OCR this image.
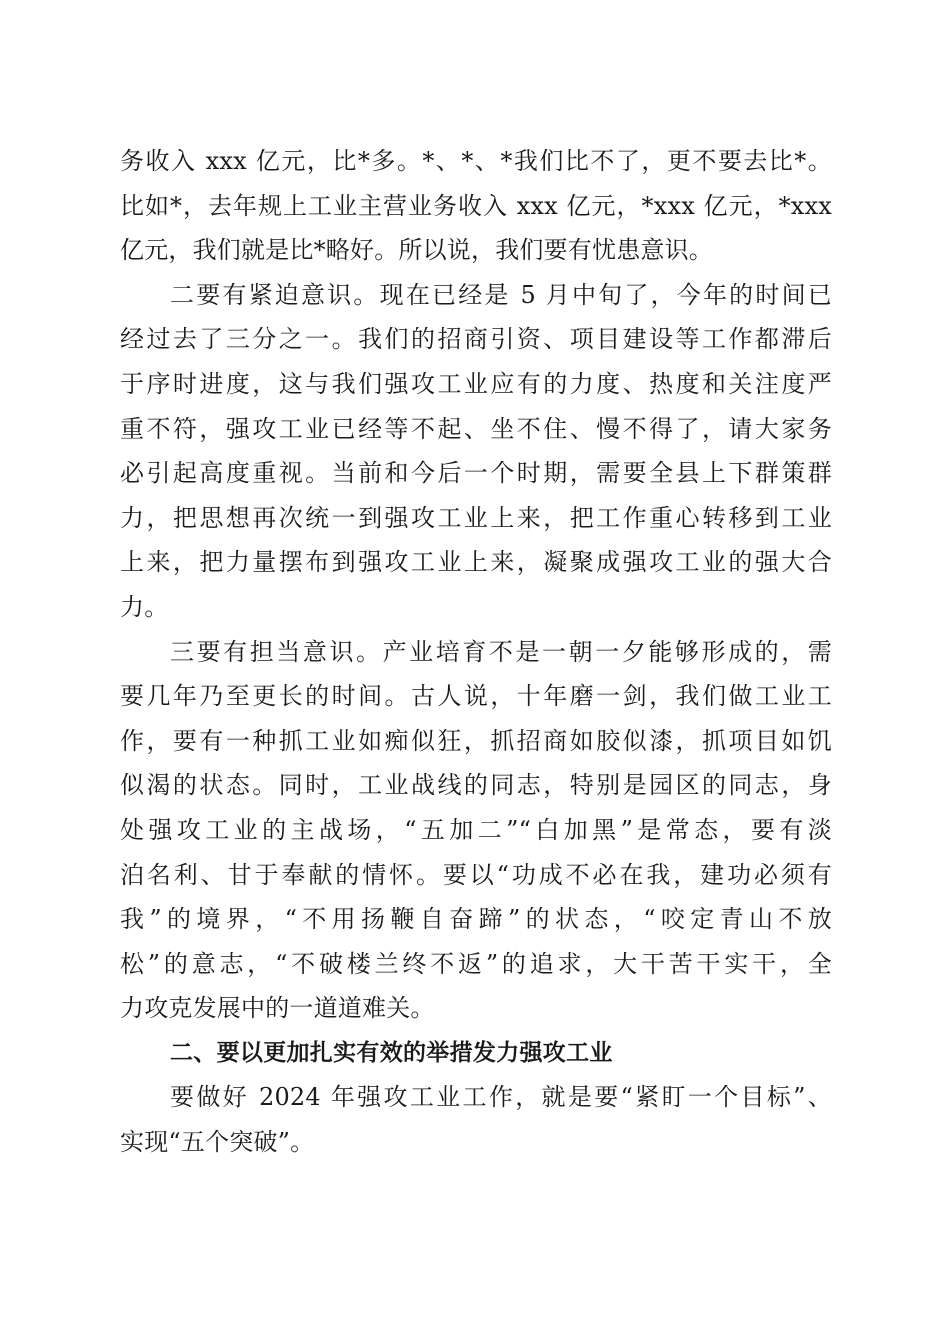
务收入 xxx 亿元，比*多。*、*、*我们比不了，更不要去比*。
比如*，去年规上工业主营业务收入 xxx 亿元，*xxx 亿元，*xxx
亿元，我们就是比*略好。所以说，我们要有忧患意识。
二要有紧迫意识。现在已经是 5 月中旬了，今年的时间已
经过去了三分之一。我们的招商引资、项目建设等工作都滞后
于序时进度，这与我们强攻工业应有的力度、热度和关注度严
重不符，强攻工业已经等不起、坐不住、慢不得了，请大家务
必引起高度重视。当前和今后一个时期，需要全县上下群策群
力，把思想再次统一到强攻工业上来，把工作重心转移到工业
上来，把力量摆布到强攻工业上来，凝聚成强攻工业的强大合
力。
三要有担当意识。产业培育不是一朝一夕能够形成的，需
要几年乃至更长的时间。古人说，十年磨一剑，我们做工业工
作，要有一种抓工业如痴似狂，抓招商如胶似漆，抓项目如饥
似渴的状态。同时，工业战线的同志，特别是园区的同志，身
处强攻工业的主战场，“五加二”“白加黑”是常态，要有淡
泊名利、甘于奉献的情怀。要以“功成不必在我，建功必须有
我”的境界，“不用扬鞭自奋蹄”的状态，“咬定青山不放
松”的意志，“不破楼兰终不返”的追求，大干苦干实干，全
力攻克发展中的一道道难关。
二、要以更加扎实有效的举措发力强攻工业
要做好 2024 年强攻工业工作，就是要“紧盯一个目标”、
实现“五个突破”。
